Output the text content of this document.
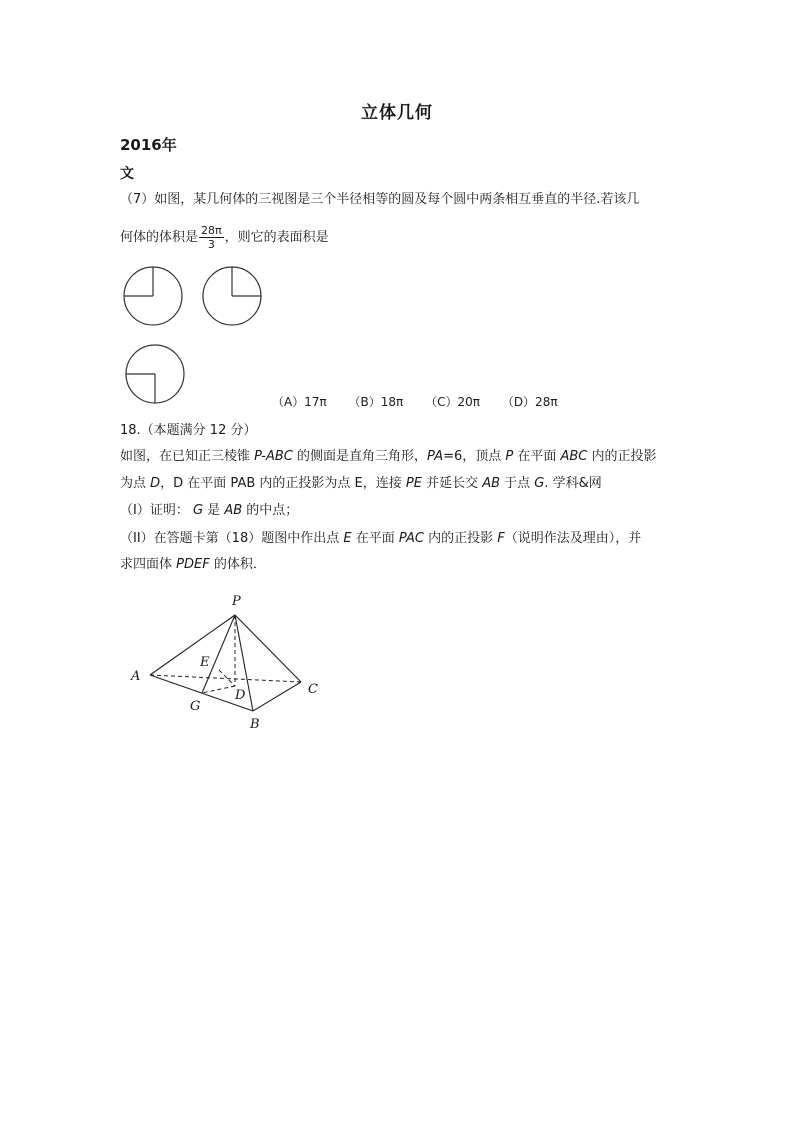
立体几何
2016年
文
（7）如图，某几何体的三视图是三个半径相等的圆及每个圆中两条相互垂直的半径.若该几
何体的体积是 $\frac{28\pi}{3}$ ，则它的表面积是
（A）17π （B）18π （C）20π （D）28π
18.（本题满分 12 分）
如图，在已知正三棱锥 P-ABC 的侧面是直角三角形，PA=6，顶点 P 在平面 ABC 内的正投影
为点 D，D 在平面 PAB 内的正投影为点 E，连接 PE 并延长交 AB 于点 G. 学科&网
（I）证明： G 是 AB 的中点；
（II）在答题卡第（18）题图中作出点 E 在平面 PAC 内的正投影 F（说明作法及理由），并
求四面体 PDEF 的体积．
P
A
B
C
D
E
G
